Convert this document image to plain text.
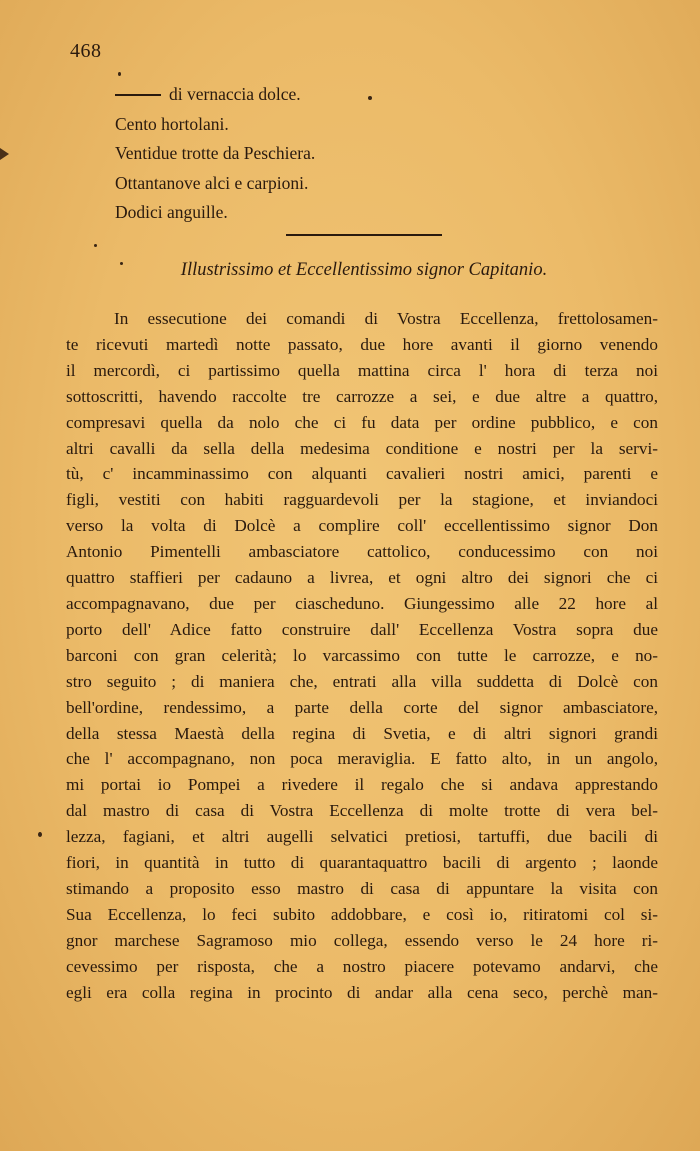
468
di vernaccia dolce.
Cento hortolani.
Ventidue trotte da Peschiera.
Ottantanove alci e carpioni.
Dodici anguille.
Illustrissimo et Eccellentissimo signor Capitanio.
In essecutione dei comandi di Vostra Eccellenza, frettolosamen-
te ricevuti martedì notte passato, due hore avanti il giorno venendo
il mercordì, ci partissimo quella mattina circa l' hora di terza noi
sottoscritti, havendo raccolte tre carrozze a sei, e due altre a quattro,
compresavi quella da nolo che ci fu data per ordine pubblico, e con
altri cavalli da sella della medesima conditione e nostri per la servi-
tù, c' incamminassimo con alquanti cavalieri nostri amici, parenti e
figli, vestiti con habiti ragguardevoli per la stagione, et inviandoci
verso la volta di Dolcè a complire coll' eccellentissimo signor Don
Antonio Pimentelli ambasciatore cattolico, conducessimo con noi
quattro staffieri per cadauno a livrea, et ogni altro dei signori che ci
accompagnavano, due per ciascheduno. Giungessimo alle 22 hore al
porto dell' Adice fatto construire dall' Eccellenza Vostra sopra due
barconi con gran celerità; lo varcassimo con tutte le carrozze, e no-
stro seguito ; di maniera che, entrati alla villa suddetta di Dolcè con
bell'ordine, rendessimo, a parte della corte del signor ambasciatore,
della stessa Maestà della regina di Svetia, e di altri signori grandi
che l' accompagnano, non poca meraviglia. E fatto alto, in un angolo,
mi portai io Pompei a rivedere il regalo che si andava apprestando
dal mastro di casa di Vostra Eccellenza di molte trotte di vera bel-
lezza, fagiani, et altri augelli selvatici pretiosi, tartuffi, due bacili di
fiori, in quantità in tutto di quarantaquattro bacili di argento ; laonde
stimando a proposito esso mastro di casa di appuntare la visita con
Sua Eccellenza, lo feci subito addobbare, e così io, ritiratomi col si-
gnor marchese Sagramoso mio collega, essendo verso le 24 hore ri-
cevessimo per risposta, che a nostro piacere potevamo andarvi, che
egli era colla regina in procinto di andar alla cena seco, perchè man-
